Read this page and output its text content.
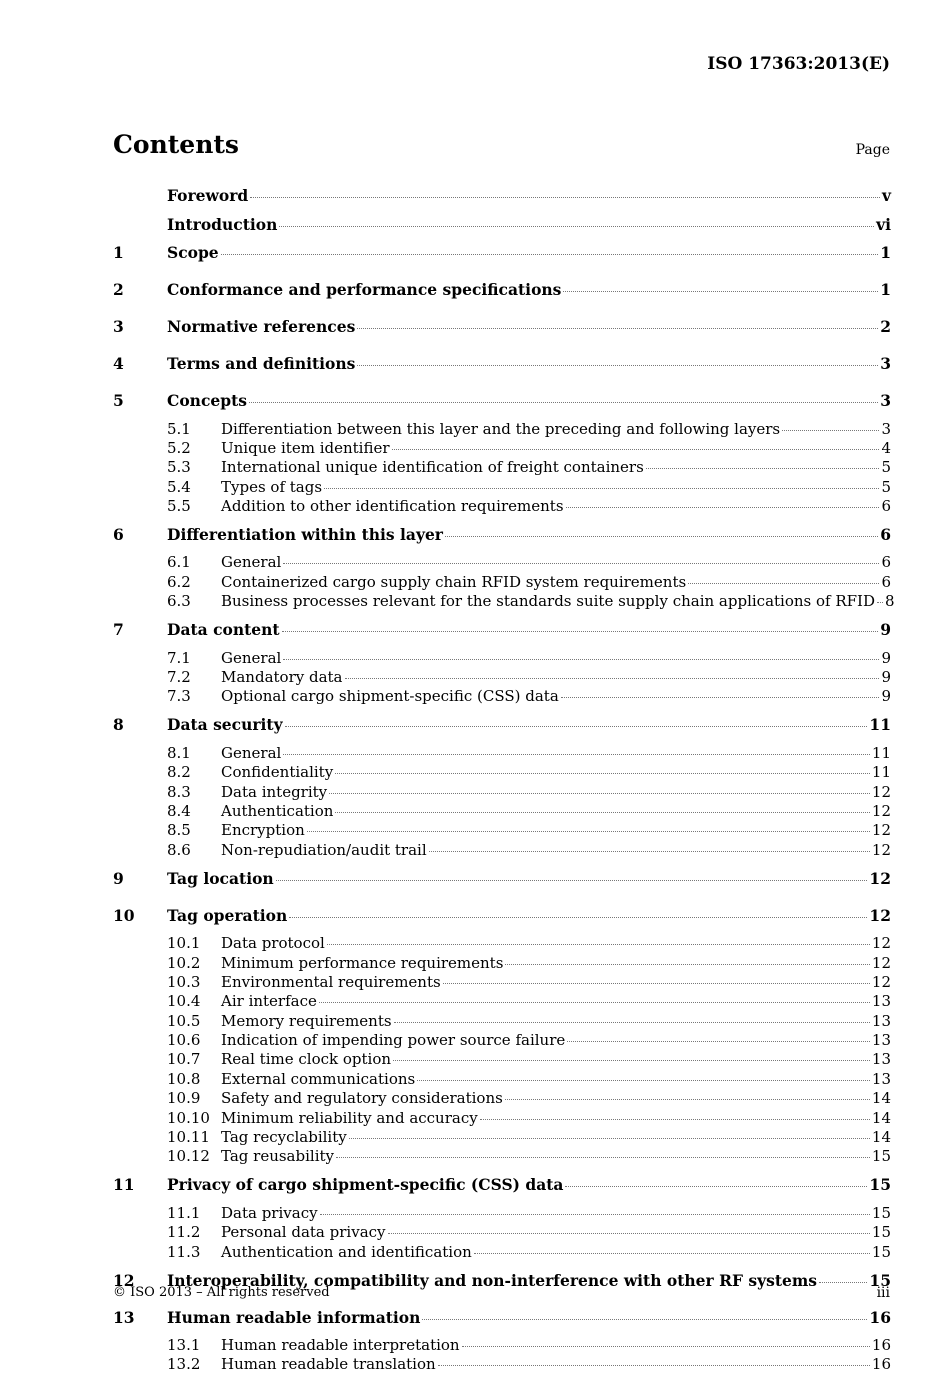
ISO 17363:2013(E)
Contents	Page
Foreword	v
Introduction	vi
1	Scope	1
2	Conformance and performance specifications	1
3	Normative references	2
4	Terms and definitions	3
5	Concepts	3
5.1	Differentiation between this layer and the preceding and following layers	3
5.2	Unique item identifier	4
5.3	International unique identification of freight containers	5
5.4	Types of tags	5
5.5	Addition to other identification requirements	6
6	Differentiation within this layer	6
6.1	General	6
6.2	Containerized cargo supply chain RFID system requirements	6
6.3	Business processes relevant for the standards suite supply chain applications of RFID 8
7	Data content	9
7.1	General	9
7.2	Mandatory data	9
7.3	Optional cargo shipment-specific (CSS) data	9
8	Data security	11
8.1	General	11
8.2	Confidentiality	11
8.3	Data integrity	12
8.4	Authentication	12
8.5	Encryption	12
8.6	Non-repudiation/audit trail	12
9	Tag location	12
10	Tag operation	12
10.1	Data protocol	12
10.2	Minimum performance requirements	12
10.3	Environmental requirements	12
10.4	Air interface	13
10.5	Memory requirements	13
10.6	Indication of impending power source failure	13
10.7	Real time clock option	13
10.8	External communications	13
10.9	Safety and regulatory considerations	14
10.10 Minimum reliability and accuracy	14
10.11 Tag recyclability	14
10.12 Tag reusability	15
11	Privacy of cargo shipment-specific (CSS) data	15
11.1	Data privacy	15
11.2	Personal data privacy	15
11.3	Authentication and identification	15
12	Interoperability, compatibility and non-interference with other RF systems	15
13	Human readable information	16
13.1	Human readable interpretation	16
13.2	Human readable translation	16
© ISO 2013 – All rights reserved	iii
